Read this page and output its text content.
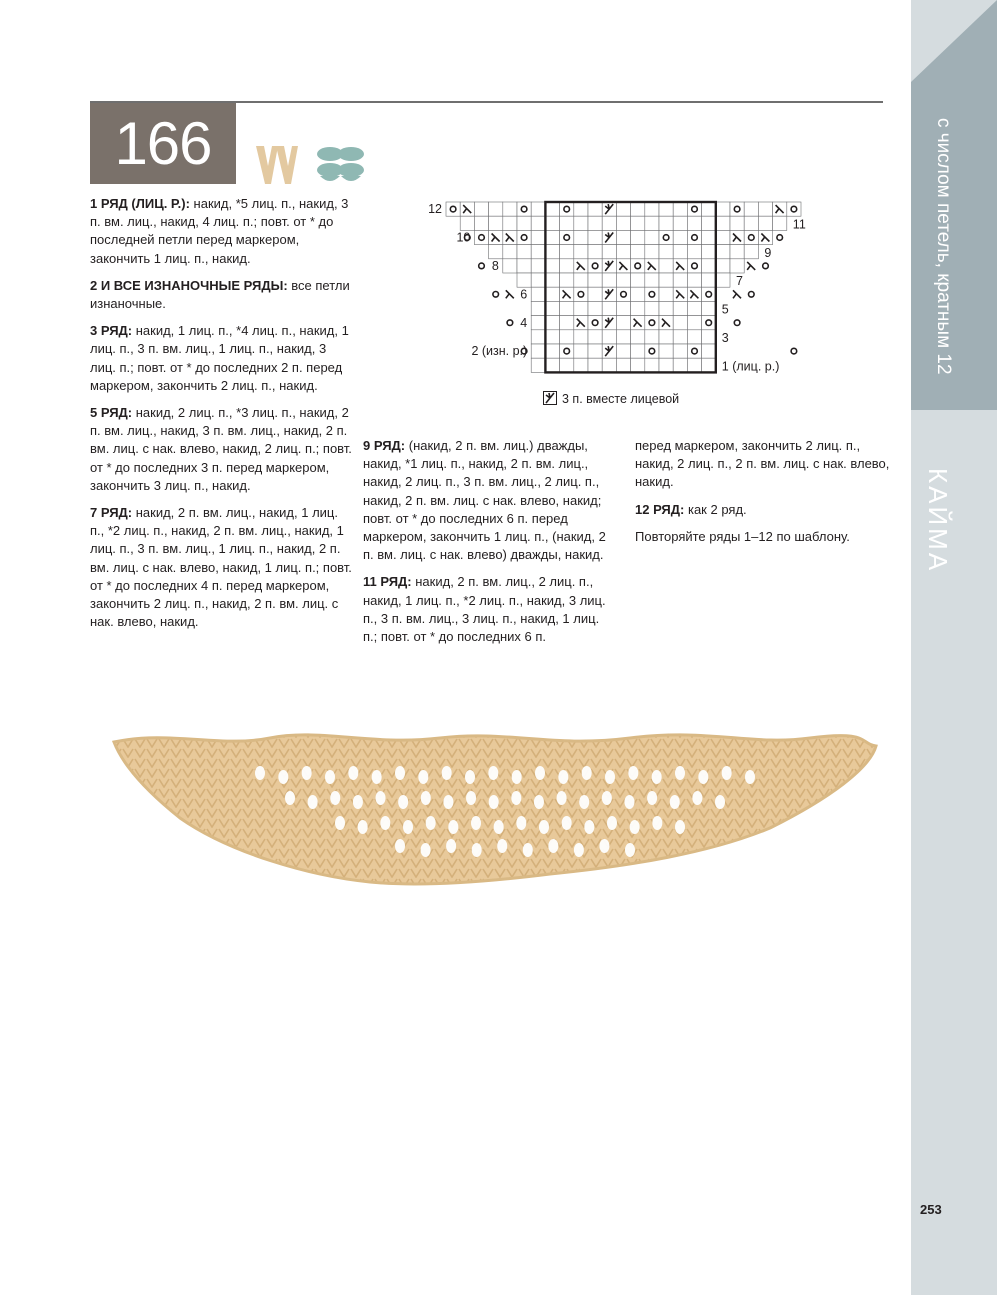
166

1 РЯД (ЛИЦ. Р.): накид, *5 лиц. п., накид, 3 п. вм. лиц., накид, 4 лиц. п.; повт. от * до последней петли перед маркером, закончить 1 лиц. п., накид.

2 И ВСЕ ИЗНАНОЧНЫЕ РЯДЫ: все петли изнаночные.

3 РЯД: накид, 1 лиц. п., *4 лиц. п., накид, 1 лиц. п., 3 п. вм. лиц., 1 лиц. п., накид, 3 лиц. п.; повт. от * до последних 2 п. перед маркером, закончить 2 лиц. п., накид.

5 РЯД: накид, 2 лиц. п., *3 лиц. п., накид, 2 п. вм. лиц., накид, 3 п. вм. лиц., накид, 2 п. вм. лиц. с нак. влево, накид, 2 лиц. п.; повт. от * до последних 3 п. перед маркером, закончить 3 лиц. п., накид.

7 РЯД: накид, 2 п. вм. лиц., накид, 1 лиц. п., *2 лиц. п., накид, 2 п. вм. лиц., накид, 1 лиц. п., 3 п. вм. лиц., 1 лиц. п., накид, 2 п. вм. лиц. с нак. влево, накид, 1 лиц. п.; повт. от * до последних 4 п. перед маркером, закончить 2 лиц. п., накид, 2 п. вм. лиц. с нак. влево, накид.

9 РЯД: (накид, 2 п. вм. лиц.) дважды, накид, *1 лиц. п., накид, 2 п. вм. лиц., накид, 2 лиц. п., 3 п. вм. лиц., 2 лиц. п., накид, 2 п. вм. лиц. с нак. влево, накид; повт. от * до последних 6 п. перед маркером, закончить 1 лиц. п., (накид, 2 п. вм. лиц. с нак. влево) дважды, накид.

11 РЯД: накид, 2 п. вм. лиц., 2 лиц. п., накид, 1 лиц. п., *2 лиц. п., накид, 3 лиц. п., 3 п. вм. лиц., 3 лиц. п., накид, 1 лиц. п.; повт. от * до последних 6 п.

перед маркером, закончить 2 лиц. п., накид, 2 лиц. п., 2 п. вм. лиц. с нак. влево, накид.

12 РЯД: как 2 ряд.

Повторяйте ряды 1–12 по шаблону.

12
10
8
6
4
2 (изн. р.)
11
9
7
5
3
1 (лиц. р.)
3 п. вместе лицевой
с числом петель, кратным 12
КАЙМА
253
